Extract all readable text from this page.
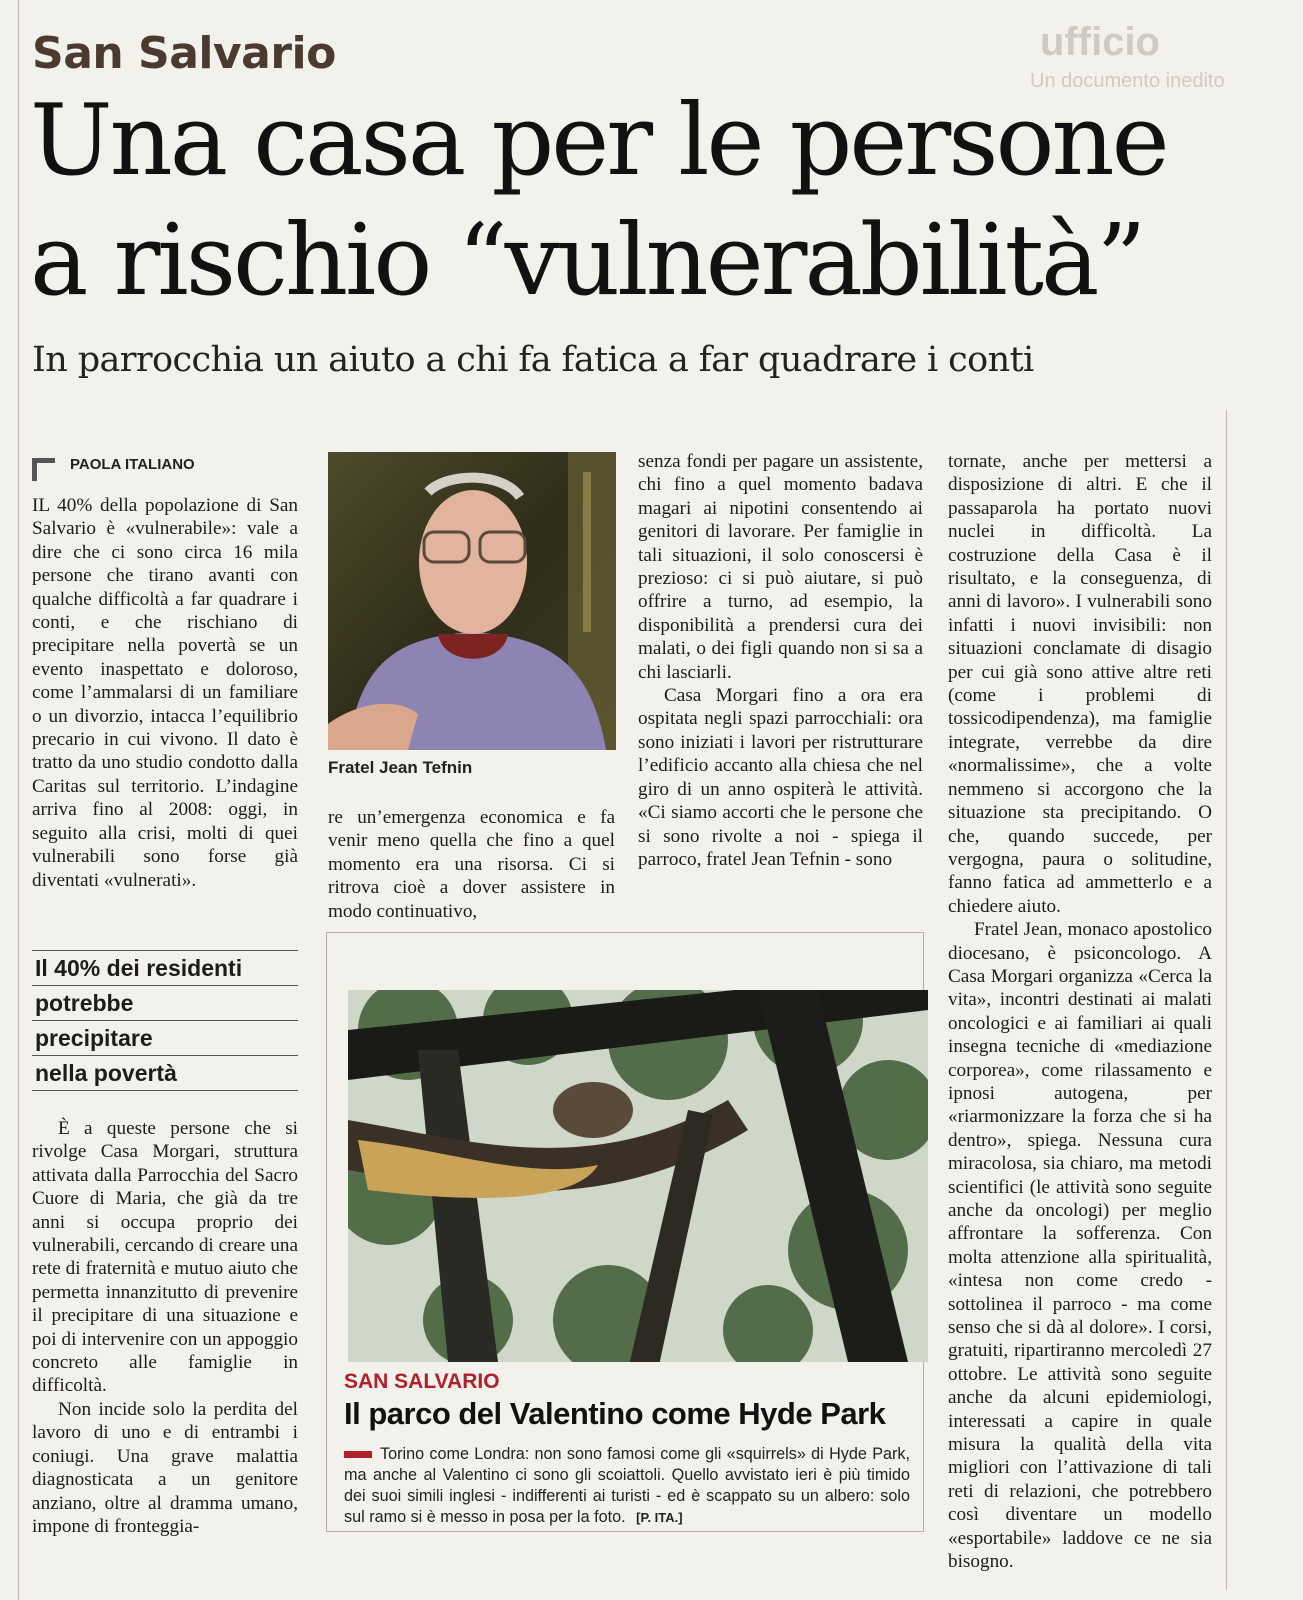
ufficio
Un documento inedito
San Salvario
Una casa per le persone
a rischio “vulnerabilità”
In parrocchia un aiuto a chi fa fatica a far quadrare i conti
PAOLA ITALIANO

IL 40% della popolazione di San Salvario è «vulnerabile»: vale a dire che ci sono circa 16 mila persone che tirano avanti con qualche difficoltà a far quadrare i conti, e che rischiano di precipitare nella povertà se un evento inaspettato e doloroso, come l’ammalarsi di un familiare o un divorzio, intacca l’equilibrio precario in cui vivono. Il dato è tratto da uno studio condotto dalla Caritas sul territorio. L’indagine arriva fino al 2008: oggi, in seguito alla crisi, molti di quei vulnerabili sono forse già diventati «vulnerati».

Il 40% dei residenti
potrebbe
precipitare
nella povertà

È a queste persone che si rivolge Casa Morgari, struttura attivata dalla Parrocchia del Sacro Cuore di Maria, che già da tre anni si occupa proprio dei vulnerabili, cercando di creare una rete di fraternità e mutuo aiuto che permetta innanzitutto di prevenire il precipitare di una situazione e poi di intervenire con un appoggio concreto alle famiglie in difficoltà.

Non incide solo la perdita del lavoro di uno e di entrambi i coniugi. Una grave malattia diagnosticata a un genitore anziano, oltre al dramma umano, impone di fronteggia-

Fratel Jean Tefnin

re un’emergenza economica e fa venir meno quella che fino a quel momento era una risorsa. Ci si ritrova cioè a dover assistere in modo continuativo,

senza fondi per pagare un assistente, chi fino a quel momento badava magari ai nipotini consentendo ai genitori di lavorare. Per famiglie in tali situazioni, il solo conoscersi è prezioso: ci si può aiutare, si può offrire a turno, ad esempio, la disponibilità a prendersi cura dei malati, o dei figli quando non si sa a chi lasciarli.

Casa Morgari fino a ora era ospitata negli spazi parrocchiali: ora sono iniziati i lavori per ristrutturare l’edificio accanto alla chiesa che nel giro di un anno ospiterà le attività. «Ci siamo accorti che le persone che si sono rivolte a noi - spiega il parroco, fratel Jean Tefnin - sono

tornate, anche per mettersi a disposizione di altri. E che il passaparola ha portato nuovi nuclei in difficoltà. La costruzione della Casa è il risultato, e la conseguenza, di anni di lavoro». I vulnerabili sono infatti i nuovi invisibili: non situazioni conclamate di disagio per cui già sono attive altre reti (come i problemi di tossicodipendenza), ma famiglie integrate, verrebbe da dire «normalissime», che a volte nemmeno si accorgono che la situazione sta precipitando. O che, quando succede, per vergogna, paura o solitudine, fanno fatica ad ammetterlo e a chiedere aiuto.

Fratel Jean, monaco apostolico diocesano, è psiconcologo. A Casa Morgari organizza «Cerca la vita», incontri destinati ai malati oncologici e ai familiari ai quali insegna tecniche di «mediazione corporea», come rilassamento e ipnosi autogena, per «riarmonizzare la forza che si ha dentro», spiega. Nessuna cura miracolosa, sia chiaro, ma metodi scientifici (le attività sono seguite anche da oncologi) per meglio affrontare la sofferenza. Con molta attenzione alla spiritualità, «intesa non come credo - sottolinea il parroco - ma come senso che si dà al dolore». I corsi, gratuiti, ripartiranno mercoledì 27 ottobre. Le attività sono seguite anche da alcuni epidemiologi, interessati a capire in quale misura la qualità della vita migliori con l’attivazione di tali reti di relazioni, che potrebbero così diventare un modello «esportabile» laddove ce ne sia bisogno.

SAN SALVARIO
Il parco del Valentino come Hyde Park
Torino come Londra: non sono famosi come gli «squirrels» di Hyde Park, ma anche al Valentino ci sono gli scoiattoli. Quello avvistato ieri è più timido dei suoi simili inglesi - indifferenti ai turisti - ed è scappato su un albero: solo sul ramo si è messo in posa per la foto. [P. ITA.]
